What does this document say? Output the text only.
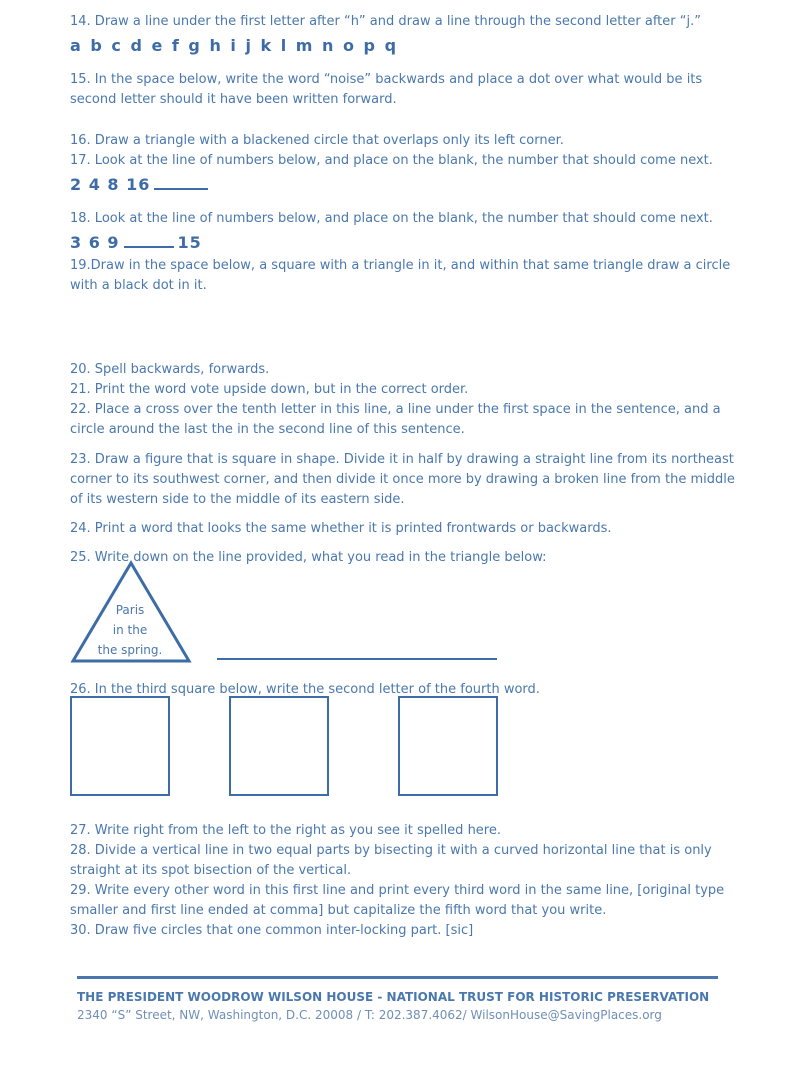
14. Draw a line under the first letter after “h” and draw a line through the second letter after “j.”

a b c d e f g h i j k l m n o p q

15. In the space below, write the word “noise” backwards and place a dot over what would be its second letter should it have been written forward.

16. Draw a triangle with a blackened circle that overlaps only its left corner.

17. Look at the line of numbers below, and place on the blank, the number that should come next.

2 4 8 16

18. Look at the line of numbers below, and place on the blank, the number that should come next.

3 6 9	15

19.Draw in the space below, a square with a triangle in it, and within that same triangle draw a circle with a black dot in it.

20. Spell backwards, forwards.

21. Print the word vote upside down, but in the correct order.

22. Place a cross over the tenth letter in this line, a line under the first space in the sentence, and a circle around the last the in the second line of this sentence.

23. Draw a figure that is square in shape. Divide it in half by drawing a straight line from its northeast corner to its southwest corner, and then divide it once more by drawing a broken line from the middle of its western side to the middle of its eastern side.

24. Print a word that looks the same whether it is printed frontwards or backwards.

25. Write down on the line provided, what you read in the triangle below:

Paris
in the
the spring.

26. In the third square below, write the second letter of the fourth word.

27. Write right from the left to the right as you see it spelled here.

28. Divide a vertical line in two equal parts by bisecting it with a curved horizontal line that is only straight at its spot bisection of the vertical.

29. Write every other word in this first line and print every third word in the same line, [original type smaller and first line ended at comma] but capitalize the fifth word that you write.

30. Draw five circles that one common inter-locking part. [sic]

THE PRESIDENT WOODROW WILSON HOUSE - NATIONAL TRUST FOR HISTORIC PRESERVATION

2340 “S” Street, NW, Washington, D.C. 20008 / T: 202.387.4062/ WilsonHouse@SavingPlaces.org
